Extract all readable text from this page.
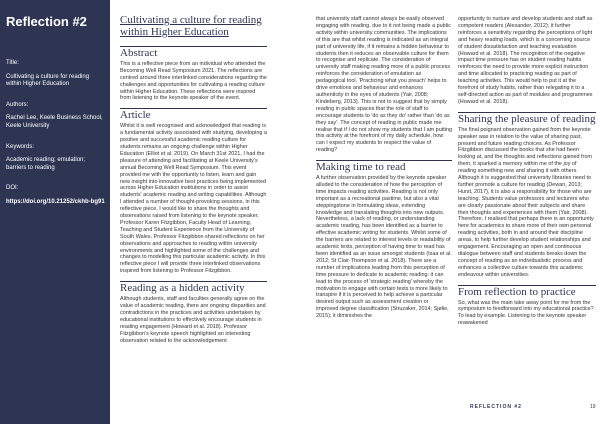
Reflection #2

Title:

Cultivating a culture for reading within Higher Education

Authors:

Rachel Lee, Keele Business School, Keele University

Keywords:

Academic reading; emulation; barriers to reading

DOI:

https://doi.org/10.21252/ckhb-bg91

Cultivating a culture for reading within Higher Education
Abstract

This is a reflective piece from an individual who attended the Becoming Well Read Symposium 2021. The reflections are centred around three interlinked considerations regarding the challenges and opportunities for cultivating a reading culture within Higher Education. These reflections were inspired from listening to the keynote speaker of the event.

Article

Whilst it is well recognised and acknowledged that reading is a fundamental activity associated with studying, developing a positive and successful academic reading culture for students remains an ongoing challenge within Higher Education (Elliot et al. 2019). On March 31st 2021, I had the pleasure of attending and facilitating at Keele University's annual Becoming Well Read Symposium. This event provided me with the opportunity to listen, learn and gain new insight into innovative best practices being implemented across Higher Education institutions in order to assist students' academic reading and writing capabilities. Although I attended a number of thought-provoking sessions, in this reflective piece, I would like to share the thoughts and observations raised from listening to the keynote speaker, Professor Karen Fitzgibbon, Faculty Head of Learning, Teaching and Student Experience from the University of South Wales. Professor Fitzgibbon shared reflections on her observations and approaches to reading within university environments and highlighted some of the challenges and changes to modelling this particular academic activity. In this reflective piece I will provide three interlinked observations inspired from listening to Professor Fitzgibbon.

Reading as a hidden activity

Although students, staff and faculties generally agree on the value of academic reading, there are ongoing disparities and contradictions in the practices and activities undertaken by educational institutions to effectively encourage students in reading engagement (Howard et al. 2018). Professor Fitzgibbon's keynote speech highlighted an interesting observation related to the acknowledgement

that university staff cannot always be easily observed engaging with reading, due to it not being made a public activity within university communities. The implications of this are that whilst reading is indicated as an integral part of university life, if it remains a hidden behaviour to students then it reduces an observable culture for them to recognise and replicate. The consideration of university staff making reading more of a public process reinforces the consideration of emulation as pedagogical tool. 'Practicing what you preach' helps to drive emotions and behaviour and enhances authenticity in the eyes of students (Yair, 2008; Kindeberg, 2013). This is not to suggest that by simply reading in public spaces that the role of staff to encourage students to 'do as they do' rather than 'do as they say'. The concept of reading in public made me realise that if I do not show my students that I am putting this activity at the forefront of my daily schedule, how can I expect my students to respect the value of reading?

Making time to read

A further observation provided by the keynote speaker alluded to the consideration of how the perception of time impacts reading activities. Reading is not only important as a recreational pastime, but also a vital steppingstone in formulating ideas, extending knowledge and translating thoughts into new outputs. Nevertheless, a lack of reading, or understanding academic reading, has been identified as a barrier to effective academic writing for students. Whilst some of the barriers are related to interest levels or readability of academic texts, perception of having time to read has been identified as an issue amongst students (Isaa et al. 2012; St Clair-Thompson et al. 2018). There are a number of implications leading from this perception of time pressure to dedicate to academic reading: it can lead to the process of 'strategic reading' whereby the motivation to engage with certain texts is more likely to transpire if it is perceived to help achieve a particular desired output such as assessment creation or improved degree classification (Struzaker, 2014; Sjølie, 2015); it diminishes the

opportunity to nurture and develop students and staff as competent readers (Alexander, 2012); it further reinforces a sensitivity regarding the perceptions of light and heavy reading loads, which is a concerning source of student dissatisfaction and teaching evaluation (Howard et al. 2018). The recognition of the negative impact time pressure has on student reading habits reinforces the need to provide more explicit instruction and time allocated to practicing reading as part of teaching activities. This would help to put it at the forefront of study habits, rather than relegating it to a self-directed action as part of modules and programmes (Howard et al. 2018).

Sharing the pleasure of reading

The final poignant observation gained from the keynote speaker was in relation to the value of sharing past, present and future reading choices. As Professor Fitzgibbon discussed the books that she had been looking at, and the thoughts and reflections gained from them, it sparked a memory within me of the joy of reading something new and sharing it with others. Although it is suggested that university libraries need to further promote a culture for reading (Dewan, 2013; Hurst, 2017), it is also a responsibility for those who are teaching. Students value professors and lecturers who are clearly passionate about their subjects and share their thoughts and experiences with them (Yair, 2008). Therefore, I realised that perhaps there is an opportunity here for academics to share more of their own personal reading activities, both in and around their discipline areas, to help further develop student relationships and engagement. Encouraging an open and continuous dialogue between staff and students breaks down the concept of reading as an individualistic process and enhances a collective culture towards this academic endeavour within universities.

From reflection to practice

So, what was the main take away point for me from the symposium to feedforward into my educational practice? To lead by example. Listening to the keynote speaker reawakened

REFLECTION #2	19
